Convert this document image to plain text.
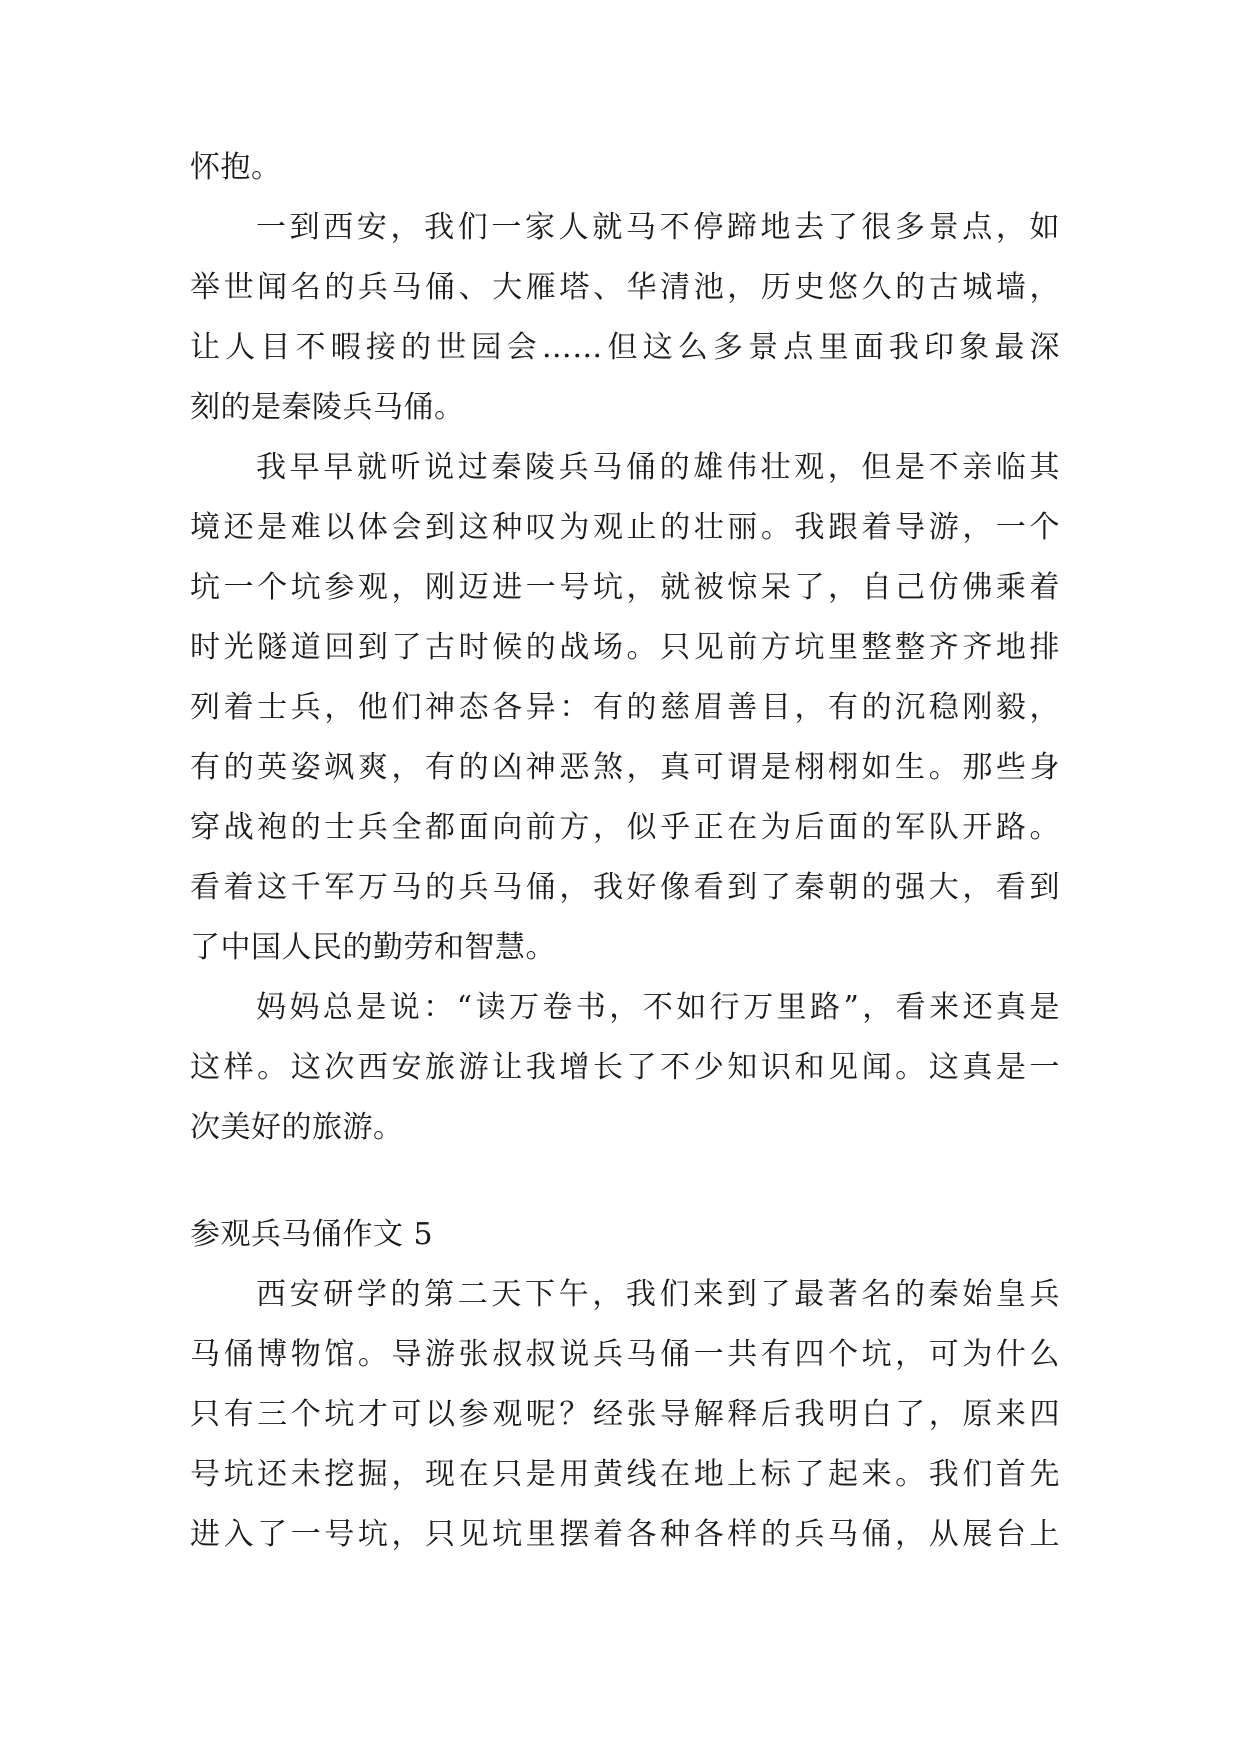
怀抱。
一到西安，我们一家人就马不停蹄地去了很多景点，如
举世闻名的兵马俑、大雁塔、华清池，历史悠久的古城墙，
让人目不暇接的世园会……但这么多景点里面我印象最深
刻的是秦陵兵马俑。
我早早就听说过秦陵兵马俑的雄伟壮观，但是不亲临其
境还是难以体会到这种叹为观止的壮丽。我跟着导游，一个
坑一个坑参观，刚迈进一号坑，就被惊呆了，自己仿佛乘着
时光隧道回到了古时候的战场。只见前方坑里整整齐齐地排
列着士兵，他们神态各异：有的慈眉善目，有的沉稳刚毅，
有的英姿飒爽，有的凶神恶煞，真可谓是栩栩如生。那些身
穿战袍的士兵全都面向前方，似乎正在为后面的军队开路。
看着这千军万马的兵马俑，我好像看到了秦朝的强大，看到
了中国人民的勤劳和智慧。
妈妈总是说：“读万卷书，不如行万里路”，看来还真是
这样。这次西安旅游让我增长了不少知识和见闻。这真是一
次美好的旅游。
参观兵马俑作文 5
西安研学的第二天下午，我们来到了最著名的秦始皇兵
马俑博物馆。导游张叔叔说兵马俑一共有四个坑，可为什么
只有三个坑才可以参观呢？经张导解释后我明白了，原来四
号坑还未挖掘，现在只是用黄线在地上标了起来。我们首先
进入了一号坑，只见坑里摆着各种各样的兵马俑，从展台上
